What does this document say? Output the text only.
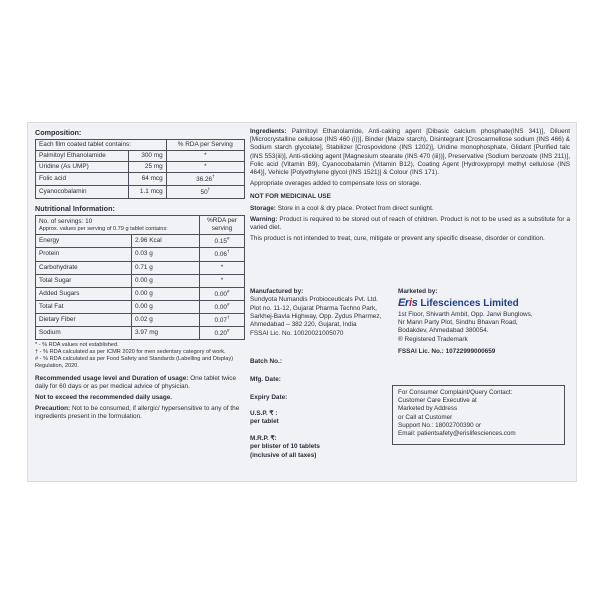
Composition:
Each film coated tablet contains:		% RDA per Serving
Palmitoyl Ethanolamide	300 mg	*
Uridine (As UMP)	25 mg	*
Folic acid	64 mcg	36.26†
Cyanocobalamin	1.1 mcg	50†
Nutritional Information:
No. of servings: 10
Approx. values per serving of 0.79 g tablet contains:		%RDA per serving
Energy	2.96 Kcal	0.15#
Protein	0.03 g	0.06†
Carbohydrate	0.71 g	*
Total Sugar	0.00 g	*
Added Sugars	0.00 g	0.00#
Total Fat	0.00 g	0.00#
Dietary Fiber	0.02 g	0.07†
Sodium	3.97 mg	0.20#
* - % RDA values not established.
† - % RDA calculated as per ICMR 2020 for men sedentary category of work.
# - % RDA calculated as per Food Safety and Standards (Labelling and Display) Regulation, 2020.

Recommended usage level and Duration of usage: One tablet twice daily for 60 days or as per medical advice of physician.

Not to exceed the recommended daily usage.

Precaution: Not to be consumed, if allergic/ hypersensitive to any of the ingredients present in the formulation.

Ingredients: Palmitoyl Ethanolamide, Anti-caking agent [Dibasic calcium phosphate(INS 341)], Diluent [Microcrystalline cellulose (INS 460 (i))], Binder (Maize starch), Disintegrant [Croscarmellose sodium (INS 466) & Sodium starch glycolate], Stabilizer [Crospovidone (INS 1202)], Uridine monophosphate, Glidant [Purified talc (INS 553(iii)], Anti-sticking agent [Magnesium stearate (INS 470 (iii))], Preservative (Sodium benzoate (INS 211)], Folic acid (Vitamin B9), Cyanocobalamin (Vitamin B12), Coating Agent [Hydroxypropyl methyl cellulose (INS 464)], Vehicle [Polyethylene glycol (INS 1521)] & Colour (INS 171).

Appropriate overages added to compensate loss on storage.

NOT FOR MEDICINAL USE

Storage: Store in a cool & dry place. Protect from direct sunlight.

Warning: Product is required to be stored out of reach of children. Product is not to be used as a substitute for a varied diet.

This product is not intended to treat, cure, mitigate or prevent any specific disease, disorder or condition.

Manufactured by:
Sundyota Numandis Probioceuticals Pvt. Ltd.
Plot no. 11-12, Gujarat Pharma Techno Park,
Sarkhej-Bavla Highway, Opp. Zydus Pharmez,
Ahmedabad – 382 220, Gujarat, India
FSSAI Lic. No. 10020021005070
Marketed by:
Eris Lifesciences Limited
1st Floor, Shivarth Ambit, Opp. Janvi Bunglows,
Nr Mann Party Plot, Sindhu Bhavan Road,
Bodakdev, Ahmedabad 380054.
® Registered Trademark
FSSAI Lic. No.: 10722999000659
Batch No.:
Mfg. Date:
Expiry Date:
U.S.P. ₹ :
per tablet
M.R.P. ₹:
per blister of 10 tablets
(inclusive of all taxes)
For Consumer Complaint/Query Contact:
Customer Care Executive at
Marketed by Address
or Call at Customer
Support No.: 18002700390 or
Email: patientsafety@erislifesciences.com
